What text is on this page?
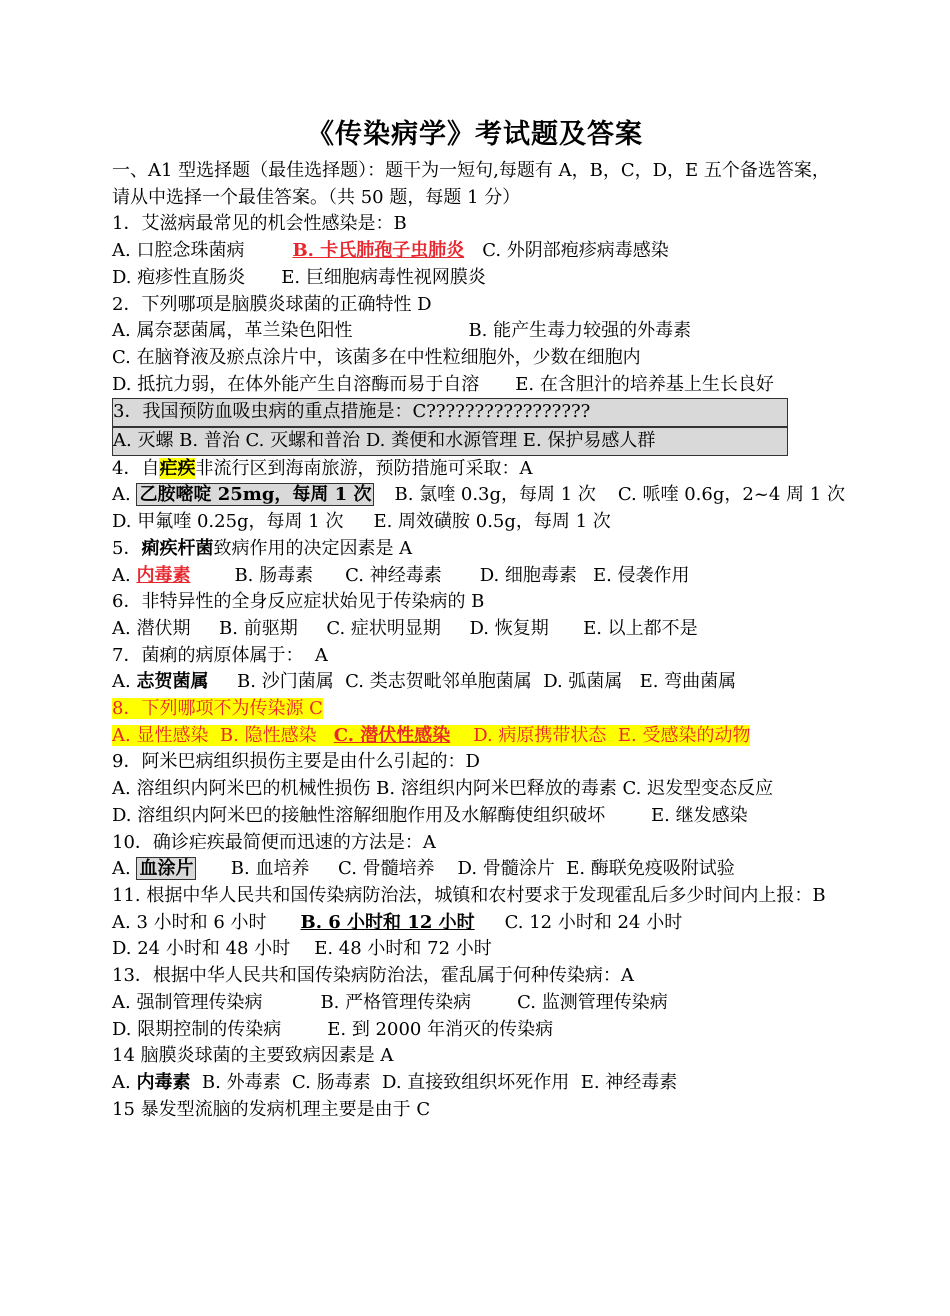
《传染病学》考试题及答案
一、A1 型选择题（最佳选择题）：题干为一短句,每题有 A，B，C，D，E 五个备选答案，请从中选择一个最佳答案。（共 50 题，每题 1 分）
1．艾滋病最常见的机会性感染是：B
A. 口腔念珠菌病	B. 卡氏肺孢子虫肺炎 C. 外阴部疱疹病毒感染
D. 疱疹性直肠炎 E. 巨细胞病毒性视网膜炎
2．下列哪项是脑膜炎球菌的正确特性 D
A. 属奈瑟菌属，革兰染色阳性	B. 能产生毒力较强的外毒素
C. 在脑脊液及瘀点涂片中，该菌多在中性粒细胞外，少数在细胞内
D. 抵抗力弱，在体外能产生自溶酶而易于自溶 E. 在含胆汁的培养基上生长良好
3．我国预防血吸虫病的重点措施是：C?????????????????
A. 灭螺 B. 普治 C. 灭螺和普治 D. 粪便和水源管理 E. 保护易感人群
4．自疟疾非流行区到海南旅游，预防措施可采取：A
A. 乙胺嘧啶 25mg，每周 1 次 B. 氯喹 0.3g，每周 1 次 C. 哌喹 0.6g，2~4 周 1 次
D. 甲氟喹 0.25g，每周 1 次 E. 周效磺胺 0.5g，每周 1 次
5．痢疾杆菌致病作用的决定因素是 A
A. 内毒素 B. 肠毒素 C. 神经毒素 D. 细胞毒素 E. 侵袭作用
6．非特异性的全身反应症状始见于传染病的 B
A. 潜伏期     B. 前驱期     C. 症状明显期     D. 恢复期      E. 以上都不是
7．菌痢的病原体属于：  A
A. 志贺菌属     B. 沙门菌属  C. 类志贺毗邻单胞菌属  D. 弧菌属   E. 弯曲菌属
8．下列哪项不为传染源 C
A. 显性感染 B. 隐性感染 C. 潜伏性感染 D. 病原携带状态 E. 受感染的动物
9．阿米巴病组织损伤主要是由什么引起的：D
A. 溶组织内阿米巴的机械性损伤 B. 溶组织内阿米巴释放的毒素 C. 迟发型变态反应
D. 溶组织内阿米巴的接触性溶解细胞作用及水解酶使组织破坏        E. 继发感染
10．确诊疟疾最简便而迅速的方法是：A
A. 血涂片      B. 血培养     C. 骨髓培养    D. 骨髓涂片  E. 酶联免疫吸附试验
11. 根据中华人民共和国传染病防治法，城镇和农村要求于发现霍乱后多少时间内上报：B
A. 3 小时和 6 小时 B. 6 小时和 12 小时 C. 12 小时和 24 小时
D. 24 小时和 48 小时 E. 48 小时和 72 小时
13．根据中华人民共和国传染病防治法，霍乱属于何种传染病：A
A. 强制管理传染病	B. 严格管理传染病	C. 监测管理传染病
D. 限期控制的传染病	E. 到 2000 年消灭的传染病
14 脑膜炎球菌的主要致病因素是 A
A. 内毒素  B. 外毒素  C. 肠毒素  D. 直接致组织坏死作用  E. 神经毒素
15 暴发型流脑的发病机理主要是由于 C
